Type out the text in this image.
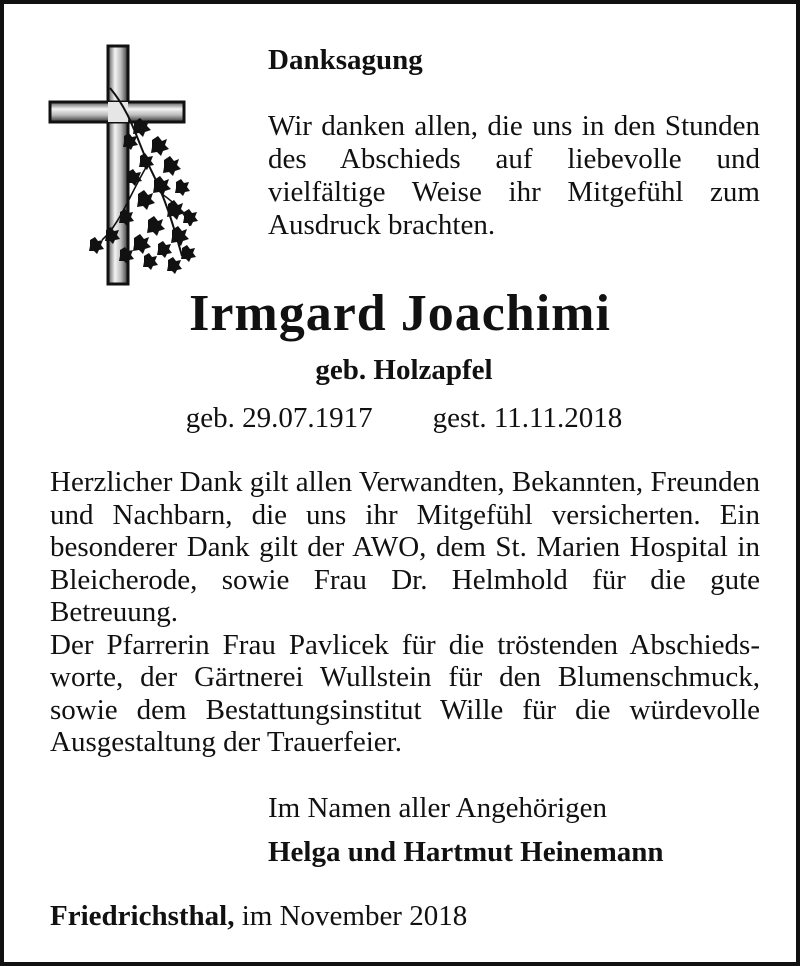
Danksagung

Wir danken allen, die uns in den Stunden des Abschieds auf liebevolle und vielfältige Weise ihr Mitgefühl zum Ausdruck brachten.

Irmgard Joachimi
geb. Holzapfel
geb. 29.07.1917 gest. 11.11.2018

Herzlicher Dank gilt allen Verwandten, Bekannten, Freunden und Nachbarn, die uns ihr Mitgefühl versicherten. Ein besonderer Dank gilt der AWO, dem St. Marien Hospital in Bleicherode, sowie Frau Dr. Helmhold für die gute Betreuung.

Der Pfarrerin Frau Pavlicek für die tröstenden Abschieds-worte, der Gärtnerei Wullstein für den Blumenschmuck, sowie dem Bestattungsinstitut Wille für die würdevolle Ausgestaltung der Trauerfeier.

Im Namen aller Angehörigen
Helga und Hartmut Heinemann
Friedrichsthal, im November 2018
